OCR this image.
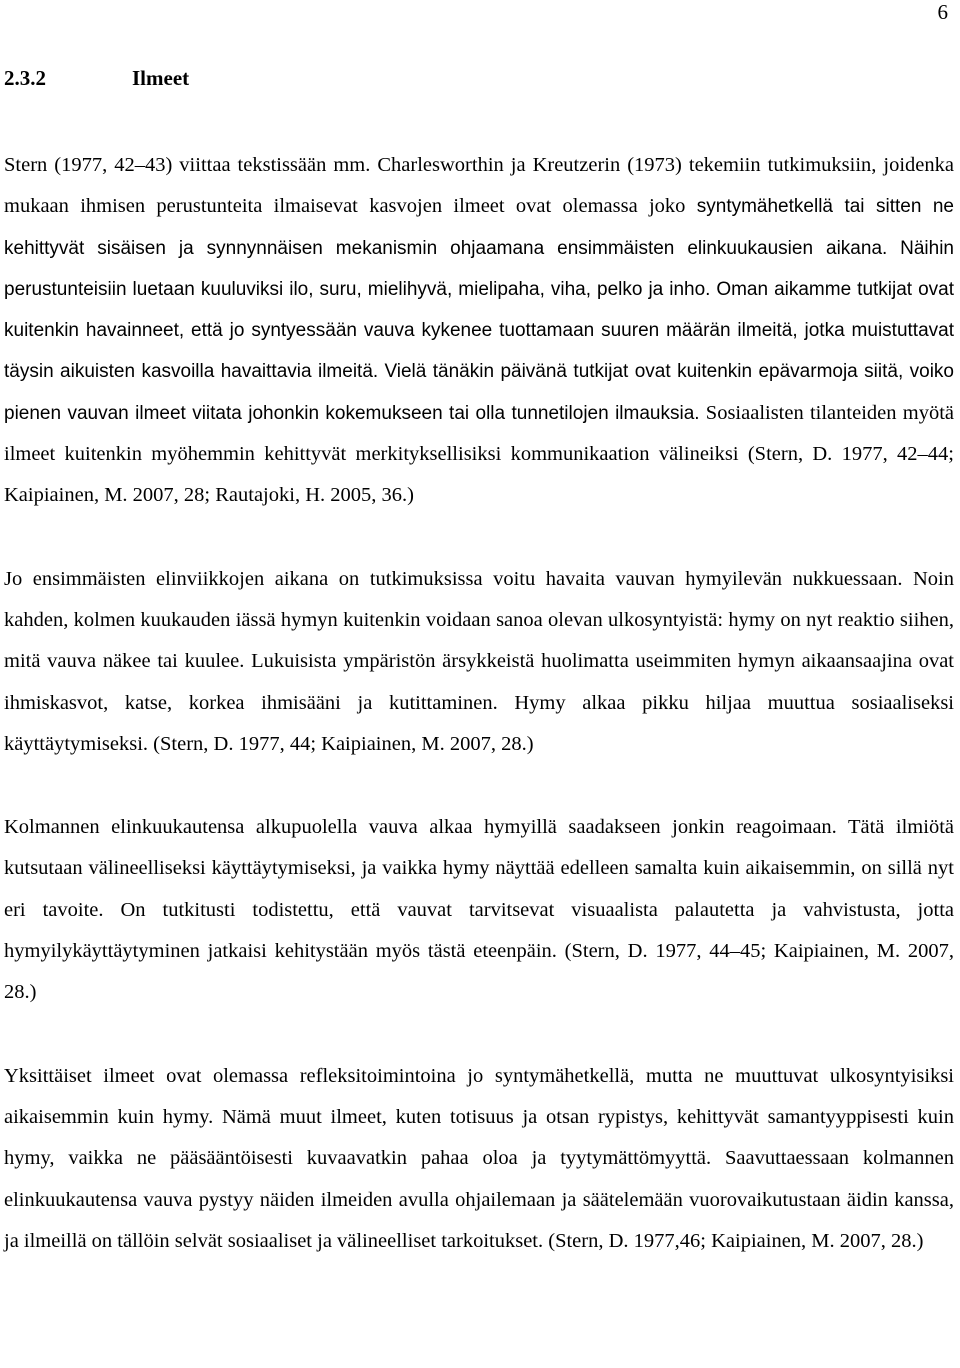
6
2.3.2	Ilmeet

Stern (1977, 42–43) viittaa tekstissään mm. Charlesworthin ja Kreutzerin (1973) tekemiin tutkimuksiin, joidenka mukaan ihmisen perustunteita ilmaisevat kasvojen ilmeet ovat olemassa joko syntymähetkellä tai sitten ne kehittyvät sisäisen ja synnynnäisen mekanismin ohjaamana ensimmäisten elinkuukausien aikana. Näihin perustunteisiin luetaan kuuluviksi ilo, suru, mielihyvä, mielipaha, viha, pelko ja inho. Oman aikamme tutkijat ovat kuitenkin havainneet, että jo syntyessään vauva kykenee tuottamaan suuren määrän ilmeitä, jotka muistuttavat täysin aikuisten kasvoilla havaittavia ilmeitä. Vielä tänäkin päivänä tutkijat ovat kuitenkin epävarmoja siitä, voiko pienen vauvan ilmeet viitata johonkin kokemukseen tai olla tunnetilojen ilmauksia. Sosiaalisten tilanteiden myötä ilmeet kuitenkin myöhemmin kehittyvät merkityksellisiksi kommunikaation välineiksi (Stern, D. 1977, 42–44; Kaipiainen, M. 2007, 28; Rautajoki, H. 2005, 36.)

Jo ensimmäisten elinviikkojen aikana on tutkimuksissa voitu havaita vauvan hymyilevän nukkuessaan. Noin kahden, kolmen kuukauden iässä hymyn kuitenkin voidaan sanoa olevan ulkosyntyistä: hymy on nyt reaktio siihen, mitä vauva näkee tai kuulee. Lukuisista ympäristön ärsykkeistä huolimatta useimmiten hymyn aikaansaajina ovat ihmiskasvot, katse, korkea ihmisääni ja kutittaminen. Hymy alkaa pikku hiljaa muuttua sosiaaliseksi käyttäytymiseksi. (Stern, D. 1977, 44; Kaipiainen, M. 2007, 28.)

Kolmannen elinkuukautensa alkupuolella vauva alkaa hymyillä saadakseen jonkin reagoimaan. Tätä ilmiötä kutsutaan välineelliseksi käyttäytymiseksi, ja vaikka hymy näyttää edelleen samalta kuin aikaisemmin, on sillä nyt eri tavoite. On tutkitusti todistettu, että vauvat tarvitsevat visuaalista palautetta ja vahvistusta, jotta hymyilykäyttäytyminen jatkaisi kehitystään myös tästä eteenpäin. (Stern, D. 1977, 44–45; Kaipiainen, M. 2007, 28.)

Yksittäiset ilmeet ovat olemassa refleksitoimintoina jo syntymähetkellä, mutta ne muuttuvat ulkosyntyisiksi aikaisemmin kuin hymy. Nämä muut ilmeet, kuten totisuus ja otsan rypistys, kehittyvät samantyyppisesti kuin hymy, vaikka ne pääsääntöisesti kuvaavatkin pahaa oloa ja tyytymättömyyttä. Saavuttaessaan kolmannen elinkuukautensa vauva pystyy näiden ilmeiden avulla ohjailemaan ja säätelemään vuorovaikutustaan äidin kanssa, ja ilmeillä on tällöin selvät sosiaaliset ja välineelliset tarkoitukset. (Stern, D. 1977,46; Kaipiainen, M. 2007, 28.)
